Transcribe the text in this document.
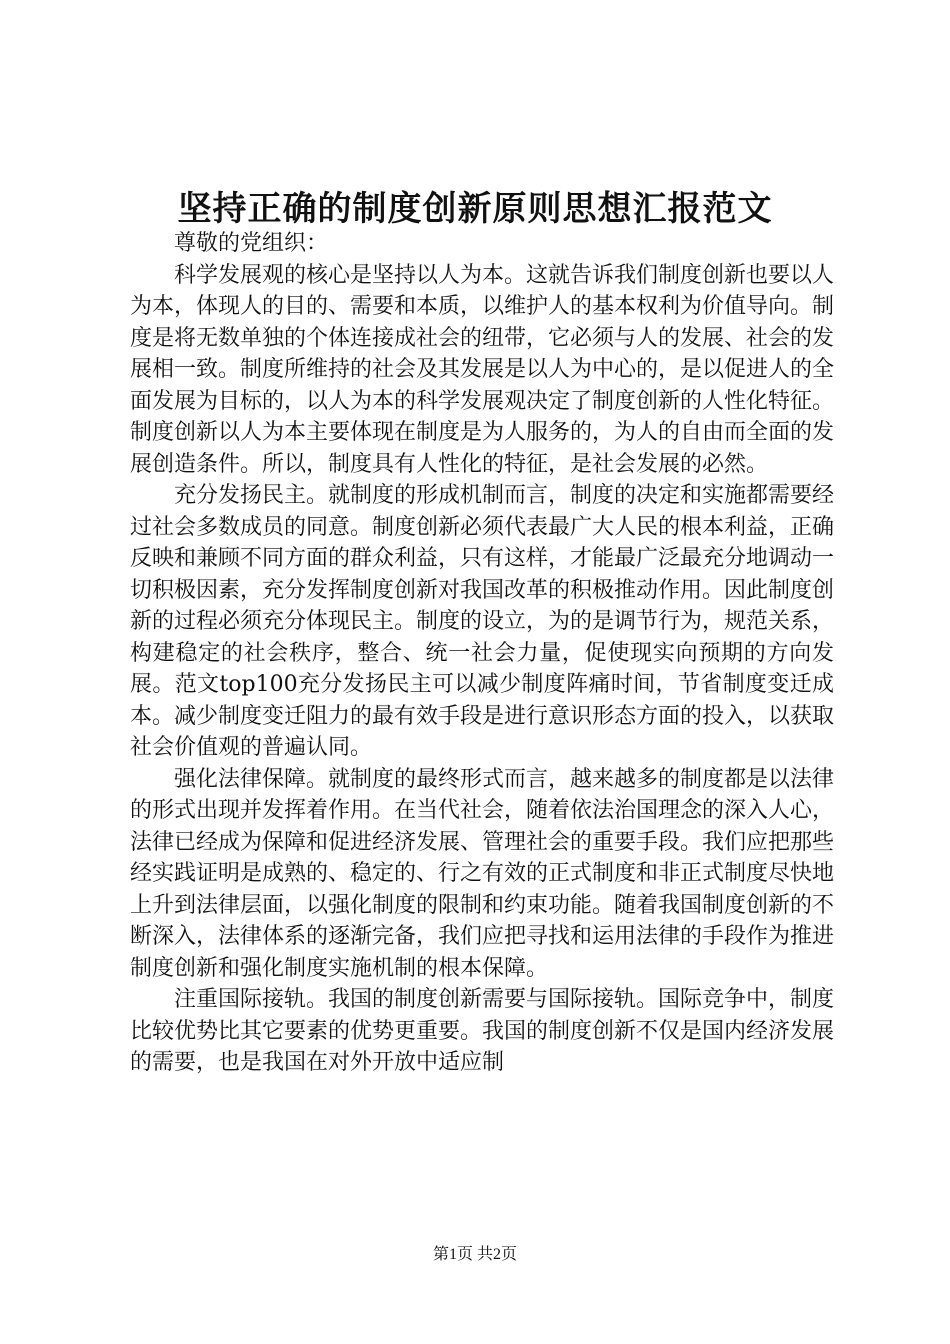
坚持正确的制度创新原则思想汇报范文
尊敬的党组织：

科学发展观的核心是坚持以人为本。这就告诉我们制度创新也要以人为本，体现人的目的、需要和本质，以维护人的基本权利为价值导向。制度是将无数单独的个体连接成社会的纽带，它必须与人的发展、社会的发展相一致。制度所维持的社会及其发展是以人为中心的，是以促进人的全面发展为目标的，以人为本的科学发展观决定了制度创新的人性化特征。制度创新以人为本主要体现在制度是为人服务的，为人的自由而全面的发展创造条件。所以，制度具有人性化的特征，是社会发展的必然。

充分发扬民主。就制度的形成机制而言，制度的决定和实施都需要经过社会多数成员的同意。制度创新必须代表最广大人民的根本利益，正确反映和兼顾不同方面的群众利益，只有这样，才能最广泛最充分地调动一切积极因素，充分发挥制度创新对我国改革的积极推动作用。因此制度创新的过程必须充分体现民主。制度的设立，为的是调节行为，规范关系，构建稳定的社会秩序，整合、统一社会力量，促使现实向预期的方向发展。范文top100充分发扬民主可以减少制度阵痛时间，节省制度变迁成本。减少制度变迁阻力的最有效手段是进行意识形态方面的投入，以获取社会价值观的普遍认同。

强化法律保障。就制度的最终形式而言，越来越多的制度都是以法律的形式出现并发挥着作用。在当代社会，随着依法治国理念的深入人心，法律已经成为保障和促进经济发展、管理社会的重要手段。我们应把那些经实践证明是成熟的、稳定的、行之有效的正式制度和非正式制度尽快地上升到法律层面，以强化制度的限制和约束功能。随着我国制度创新的不断深入，法律体系的逐渐完备，我们应把寻找和运用法律的手段作为推进制度创新和强化制度实施机制的根本保障。

注重国际接轨。我国的制度创新需要与国际接轨。国际竞争中，制度比较优势比其它要素的优势更重要。我国的制度创新不仅是国内经济发展的需要，也是我国在对外开放中适应制

第1页 共2页
